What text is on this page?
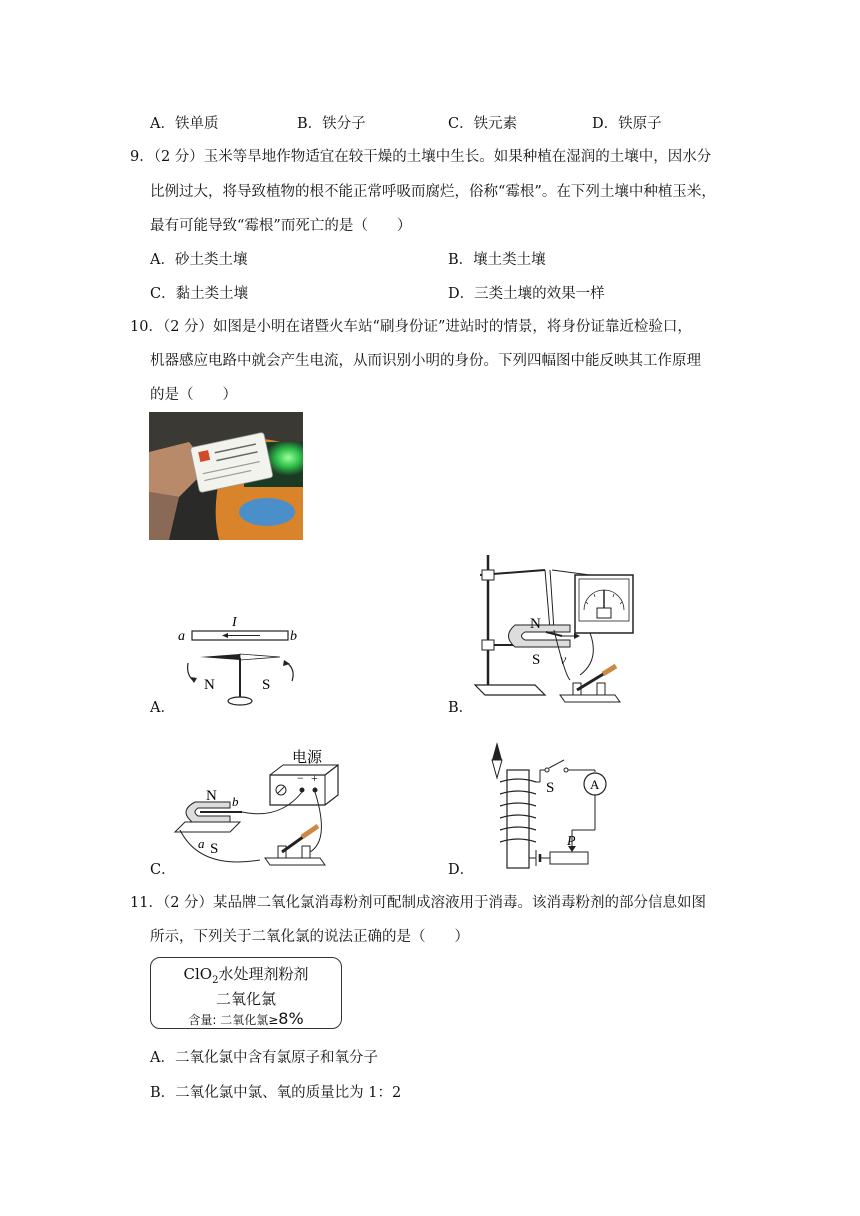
A．铁单质	B．铁分子	C．铁元素	D．铁原子
9．（2 分）玉米等旱地作物适宜在较干燥的土壤中生长。如果种植在湿润的土壤中，因水分
比例过大，将导致植物的根不能正常呼吸而腐烂，俗称“霉根”。在下列土壤中种植玉米，
最有可能导致“霉根”而死亡的是（　　）
A．砂土类土壤	B．壤土类土壤
C．黏土类土壤	D．三类土壤的效果一样
10．（2 分）如图是小明在诸暨火车站“刷身份证”进站时的情景，将身份证靠近检验口，
机器感应电路中就会产生电流，从而识别小明的身份。下列四幅图中能反映其工作原理
的是（　　）
I
a	b
N	S
A．
N
S v
B．
电源
− +
N
S
b
a
C．
S	A
P
D．
11．（2 分）某品牌二氧化氯消毒粉剂可配制成溶液用于消毒。该消毒粉剂的部分信息如图
所示，下列关于二氧化氯的说法正确的是（　　）
ClO$_2$水处理剂粉剂
二氧化氯
含量: 二氧化氯≥8%
A．二氧化氯中含有氯原子和氧分子
B．二氧化氯中氯、氧的质量比为 1：2
